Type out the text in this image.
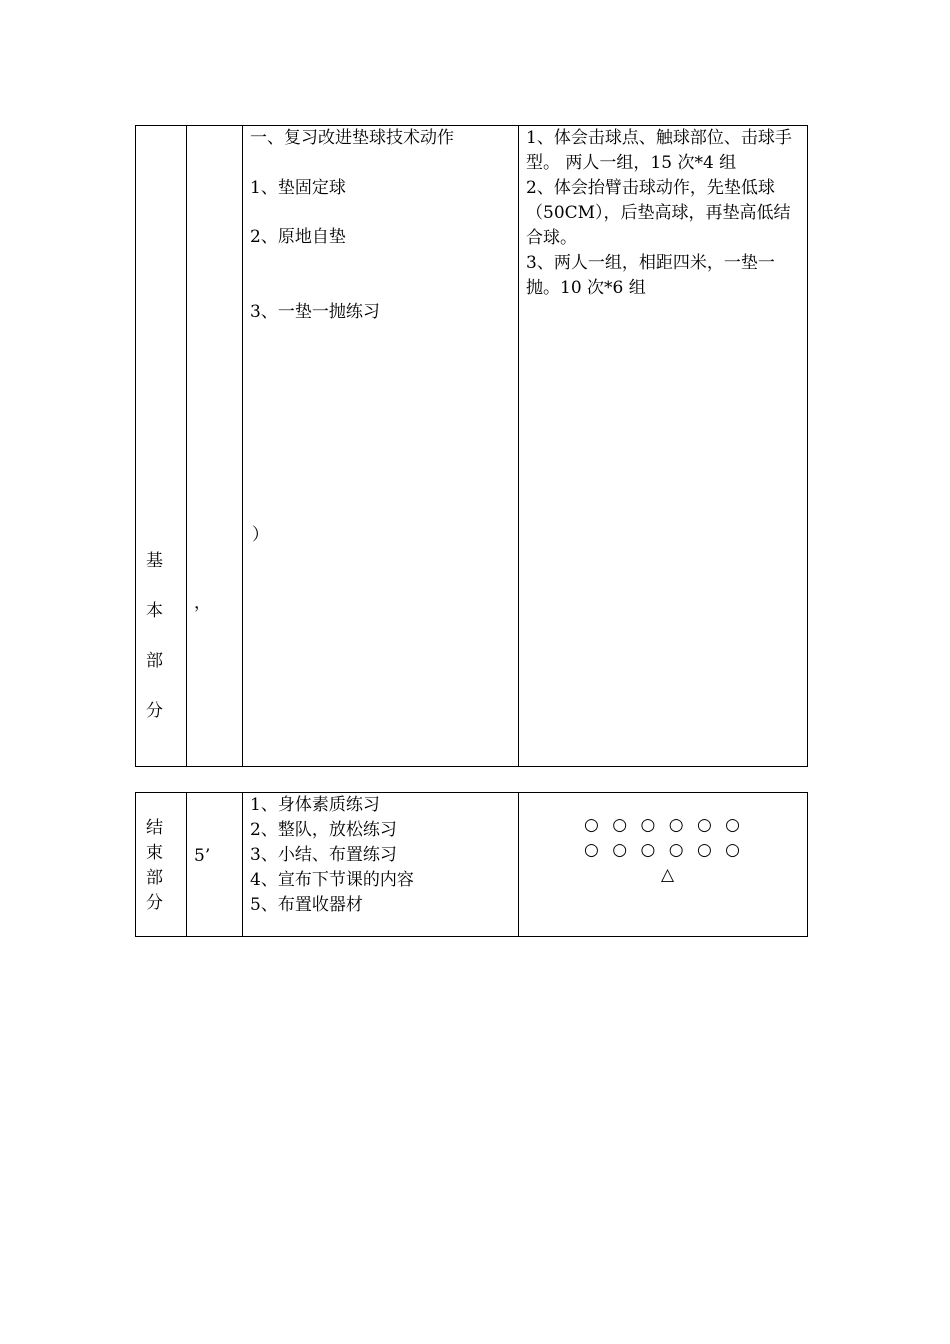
基
本
部
分
，
一、复习改进垫球技术动作
1、垫固定球
2、原地自垫
3、一垫一抛练习
）
1、体会击球点、触球部位、击球手
型。 两人一组，15 次*4 组
2、体会抬臂击球动作，先垫低球
（50CM），后垫高球，再垫高低结
合球。
3、两人一组，相距四米，一垫一
抛。10 次*6 组
结
束
部
分
5’
1、身体素质练习
2、整队，放松练习
3、小结、布置练习
4、宣布下节课的内容
5、布置收器材
○ ○ ○ ○ ○ ○
○ ○ ○ ○ ○ ○
△
